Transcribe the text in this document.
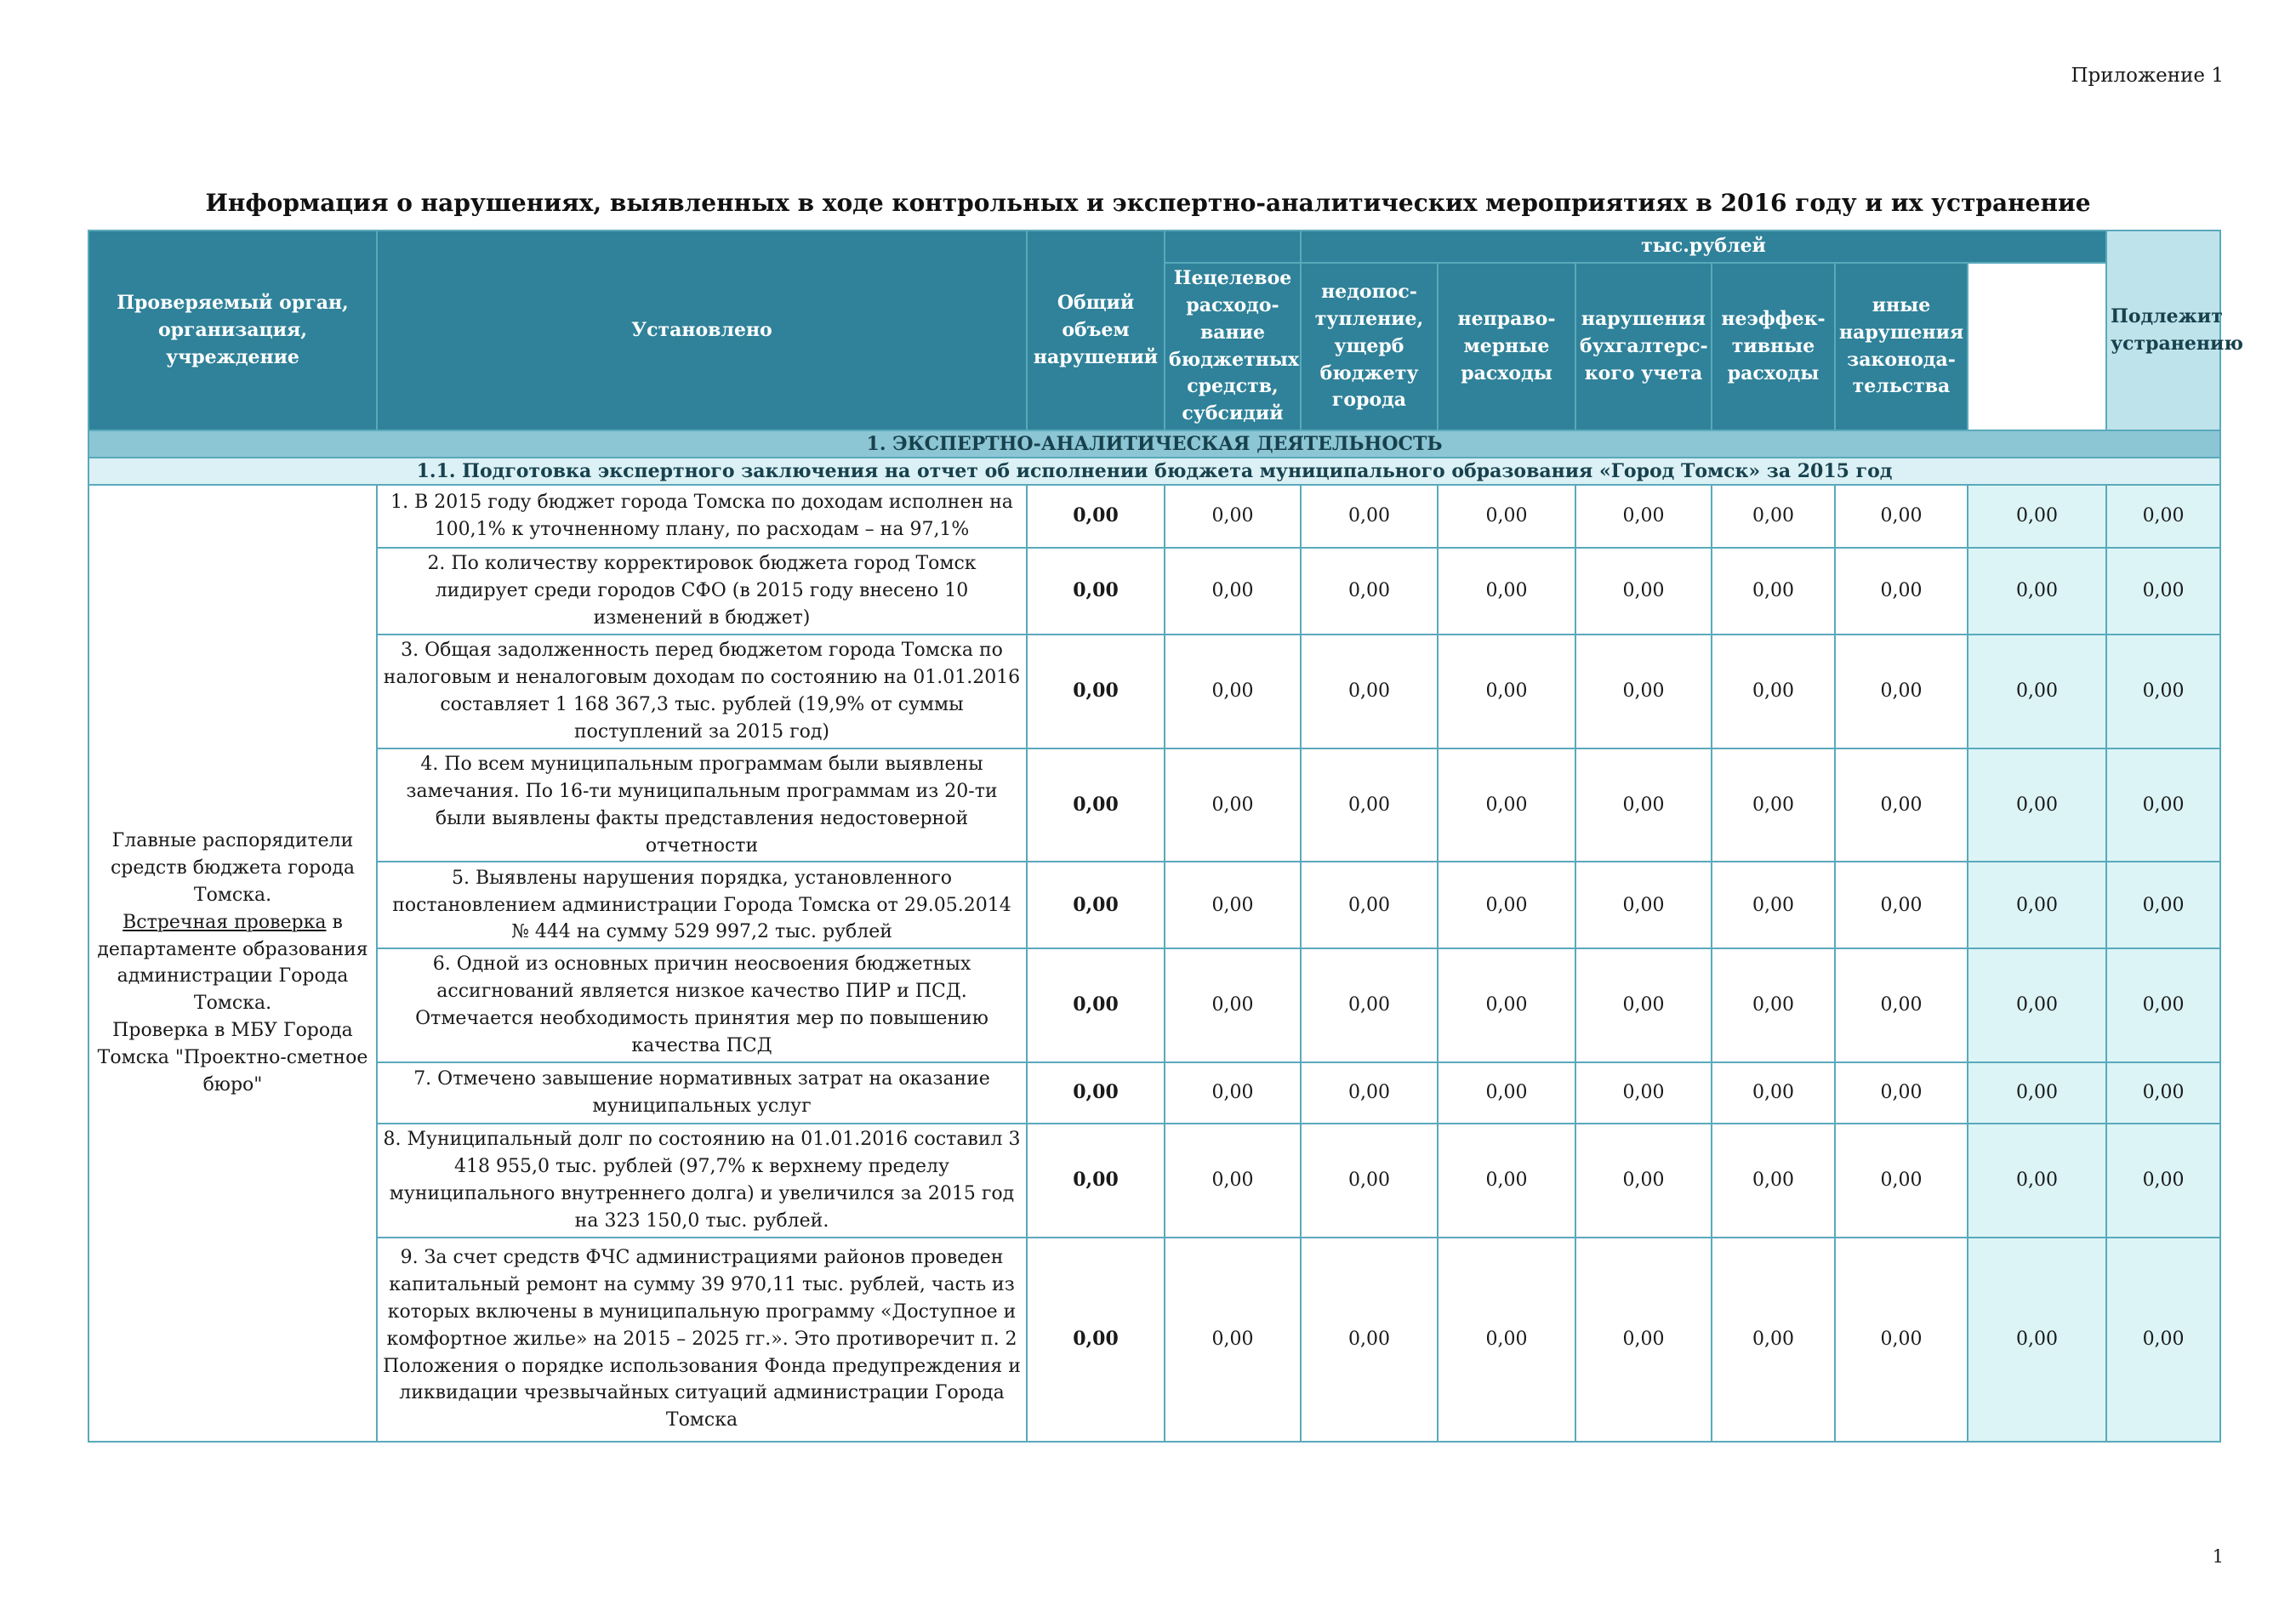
Приложение 1
Информация о нарушениях, выявленных в ходе контрольных и экспертно-аналитических мероприятиях в 2016 году и их устранение
Проверяемый орган, организация, учреждение	Установлено	Общий объем нарушений		тыс.рублей						Подлежит устранению	
			Нецелевое расходо-вание бюджетных средств, субсидий	недопос-тупление, ущерб бюджету города	неправо-мерные расходы	нарушения бухгалтерс-кого учета	неэффек-тивные расходы	иные нарушения законода-тельства			
1. ЭКСПЕРТНО-АНАЛИТИЧЕСКАЯ ДЕЯТЕЛЬНОСТЬ											
1.1. Подготовка экспертного заключения на отчет об исполнении бюджета муниципального образования «Город Томск» за 2015 год											

Главные распорядители средств бюджета города Томска.
Встречная проверка в департаменте образования администрации Города Томска.
Проверка в МБУ Города Томска "Проектно-сметное бюро"	1. В 2015 году бюджет города Томска по доходам исполнен на 100,1% к уточненному плану, по расходам – на 97,1%	0,00	0,00	0,00	0,00	0,00	0,00	0,00	0,00	0,00	
	2. По количеству корректировок бюджета город Томск лидирует среди городов СФО (в 2015 году внесено 10 изменений в бюджет)	0,00	0,00	0,00	0,00	0,00	0,00	0,00	0,00	0,00	
	3. Общая задолженность перед бюджетом города Томска по налоговым и неналоговым доходам по состоянию на 01.01.2016 составляет 1 168 367,3 тыс. рублей (19,9% от суммы поступлений за 2015 год)	0,00	0,00	0,00	0,00	0,00	0,00	0,00	0,00	0,00	
	4. По всем муниципальным программам были выявлены замечания. По 16-ти муниципальным программам из 20-ти были выявлены факты представления недостоверной отчетности	0,00	0,00	0,00	0,00	0,00	0,00	0,00	0,00	0,00	
	5. Выявлены нарушения порядка, установленного постановлением администрации Города Томска от 29.05.2014 № 444 на сумму 529 997,2 тыс. рублей	0,00	0,00	0,00	0,00	0,00	0,00	0,00	0,00	0,00	
	6. Одной из основных причин неосвоения бюджетных ассигнований является низкое качество ПИР и ПСД. Отмечается необходимость принятия мер по повышению качества ПСД	0,00	0,00	0,00	0,00	0,00	0,00	0,00	0,00	0,00	
	7. Отмечено завышение нормативных затрат на оказание муниципальных услуг	0,00	0,00	0,00	0,00	0,00	0,00	0,00	0,00	0,00	
	8. Муниципальный долг по состоянию на 01.01.2016 составил 3 418 955,0 тыс. рублей (97,7% к верхнему пределу муниципального внутреннего долга) и увеличился за 2015 год на 323 150,0 тыс. рублей.	0,00	0,00	0,00	0,00	0,00	0,00	0,00	0,00	0,00	
	9. За счет средств ФЧС администрациями районов проведен капитальный ремонт на сумму 39 970,11 тыс. рублей, часть из которых включены в муниципальную программу «Доступное и комфортное жилье» на 2015 – 2025 гг.». Это противоречит п. 2 Положения о порядке использования Фонда предупреждения и ликвидации чрезвычайных ситуаций администрации Города Томска	0,00	0,00	0,00	0,00	0,00	0,00	0,00	0,00	0,00	
1
